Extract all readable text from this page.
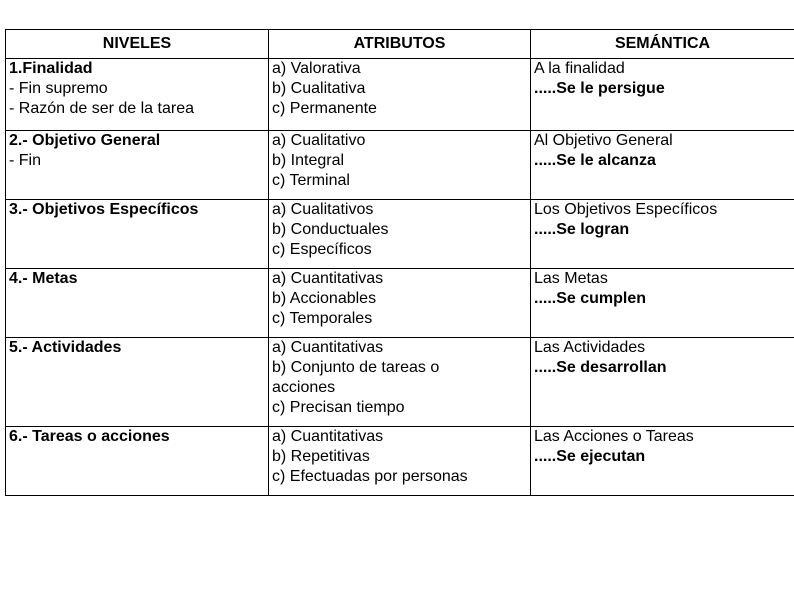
NIVELES	ATRIBUTOS	SEMÁNTICA

1.Finalidad
- Fin supremo
- Razón de ser de la tarea	a) Valorativa
b) Cualitativa
c) Permanente	A la finalidad
.....Se le persigue

2.- Objetivo General
- Fin	a) Cualitativo
b) Integral
c) Terminal	Al Objetivo General
.....Se le alcanza

3.- Objetivos Específicos	a) Cualitativos
b) Conductuales
c) Específicos	Los Objetivos Específicos
.....Se logran

4.- Metas	a) Cuantitativas
b) Accionables
c) Temporales	Las Metas
.....Se cumplen

5.- Actividades	a) Cuantitativas
b) Conjunto de tareas o
acciones
c) Precisan tiempo	Las Actividades
.....Se desarrollan

6.- Tareas o acciones	a) Cuantitativas
b) Repetitivas
c) Efectuadas por personas	Las Acciones o Tareas
.....Se ejecutan
